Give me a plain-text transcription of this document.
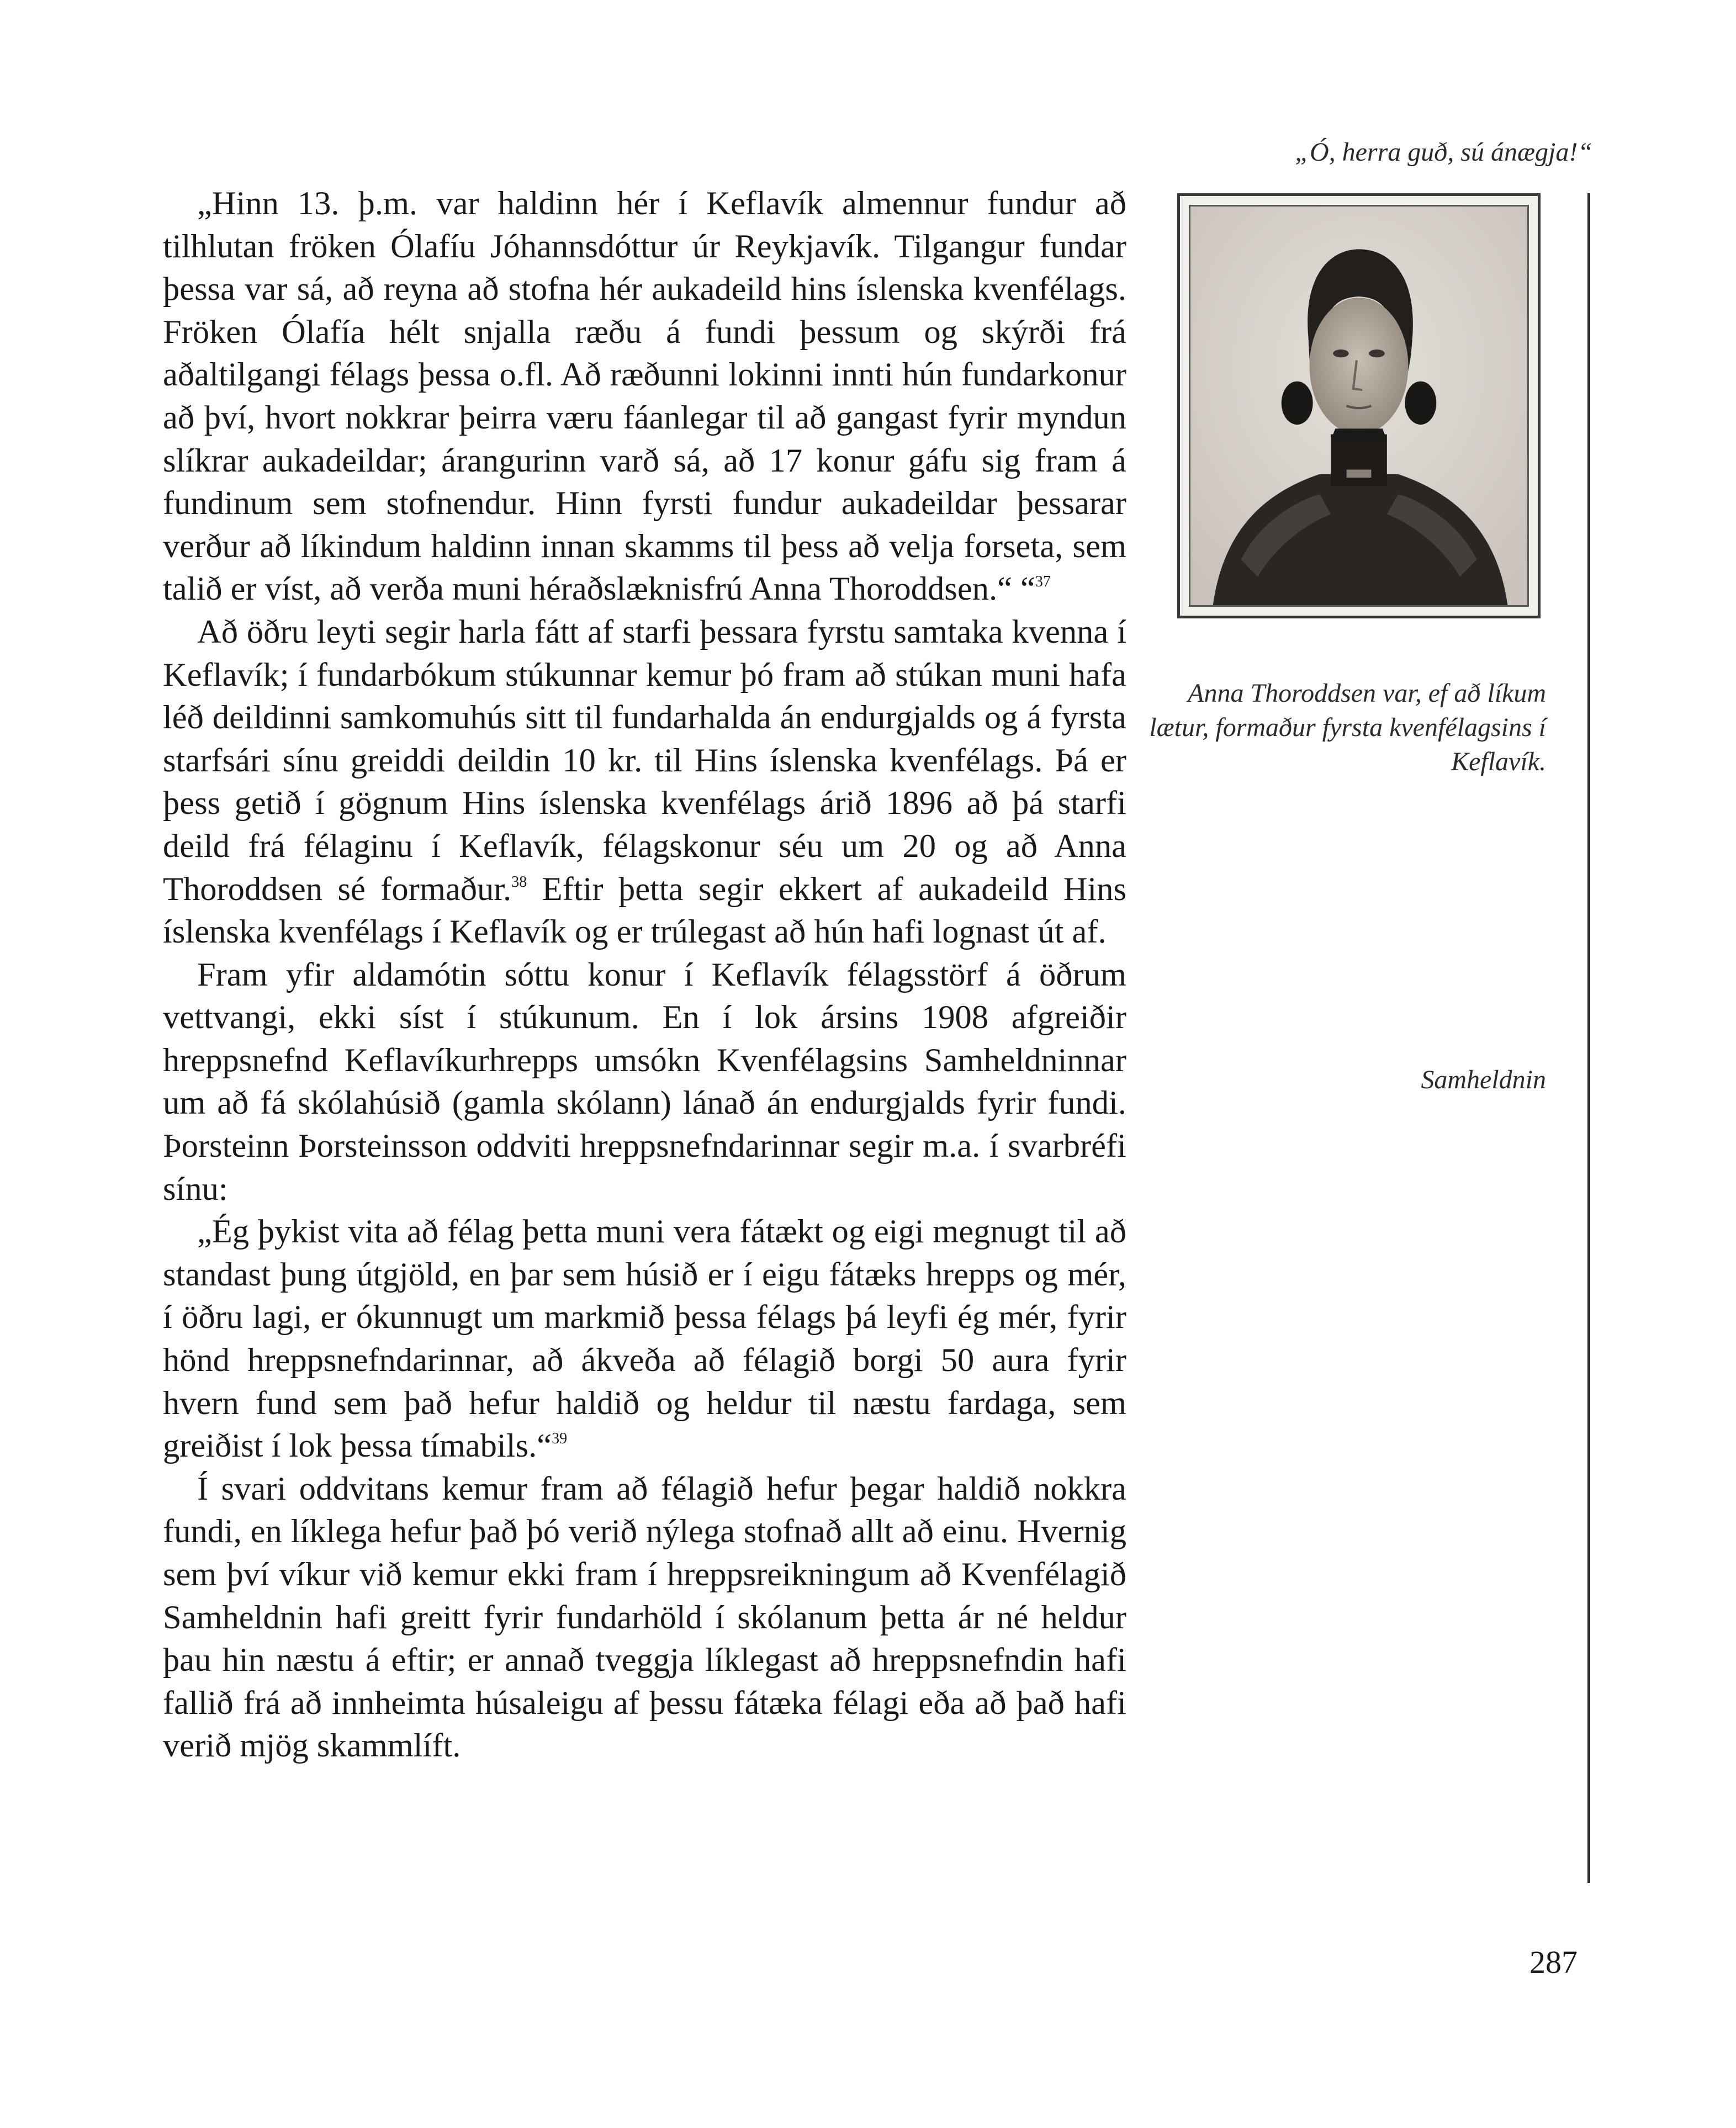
„Ó, herra guð, sú ánægja!“

„Hinn 13. þ.m. var haldinn hér í Keflavík almennur fundur að tilhlutan fröken Ólafíu Jóhannsdóttur úr Reykjavík. Tilgangur fundar þessa var sá, að reyna að stofna hér aukadeild hins íslenska kvenfélags. Fröken Ólafía hélt snjalla ræðu á fundi þessum og skýrði frá aðaltilgangi félags þessa o.fl. Að ræðunni lokinni innti hún fundarkonur að því, hvort nokkrar þeirra væru fáanlegar til að gangast fyrir myndun slíkrar aukadeildar; árangurinn varð sá, að 17 konur gáfu sig fram á fundinum sem stofnendur. Hinn fyrsti fundur aukadeildar þessarar verður að líkindum haldinn innan skamms til þess að velja forseta, sem talið er víst, að verða muni héraðslæknisfrú Anna Thoroddsen.“ “$^{37}$

Að öðru leyti segir harla fátt af starfi þessara fyrstu samtaka kvenna í Keflavík; í fundarbókum stúkunnar kemur þó fram að stúkan muni hafa léð deildinni samkomuhús sitt til fundarhalda án endurgjalds og á fyrsta starfsári sínu greiddi deildin 10 kr. til Hins íslenska kvenfélags. Þá er þess getið í gögnum Hins íslenska kvenfélags árið 1896 að þá starfi deild frá félaginu í Keflavík, félagskonur séu um 20 og að Anna Thoroddsen sé formaður.$^{38}$ Eftir þetta segir ekkert af aukadeild Hins íslenska kvenfélags í Keflavík og er trúlegast að hún hafi lognast út af.

Fram yfir aldamótin sóttu konur í Keflavík félagsstörf á öðrum vettvangi, ekki síst í stúkunum. En í lok ársins 1908 afgreiðir hreppsnefnd Keflavíkurhrepps umsókn Kvenfélagsins Samheldninnar um að fá skólahúsið (gamla skólann) lánað án endurgjalds fyrir fundi. Þorsteinn Þorsteinsson oddviti hreppsnefndarinnar segir m.a. í svarbréfi sínu:

„Ég þykist vita að félag þetta muni vera fátækt og eigi megnugt til að standast þung útgjöld, en þar sem húsið er í eigu fátæks hrepps og mér, í öðru lagi, er ókunnugt um markmið þessa félags þá leyfi ég mér, fyrir hönd hreppsnefndarinnar, að ákveða að félagið borgi 50 aura fyrir hvern fund sem það hefur haldið og heldur til næstu fardaga, sem greiðist í lok þessa tímabils.“$^{39}$

Í svari oddvitans kemur fram að félagið hefur þegar haldið nokkra fundi, en líklega hefur það þó verið nýlega stofnað allt að einu. Hvernig sem því víkur við kemur ekki fram í hreppsreikningum að Kvenfélagið Samheldnin hafi greitt fyrir fundarhöld í skólanum þetta ár né heldur þau hin næstu á eftir; er annað tveggja líklegast að hreppsnefndin hafi fallið frá að innheimta húsaleigu af þessu fátæka félagi eða að það hafi verið mjög skammlíft.

Anna Thoroddsen var, ef að líkum lætur, formaður fyrsta kvenfélagsins í Keflavík.
Samheldnin
287
